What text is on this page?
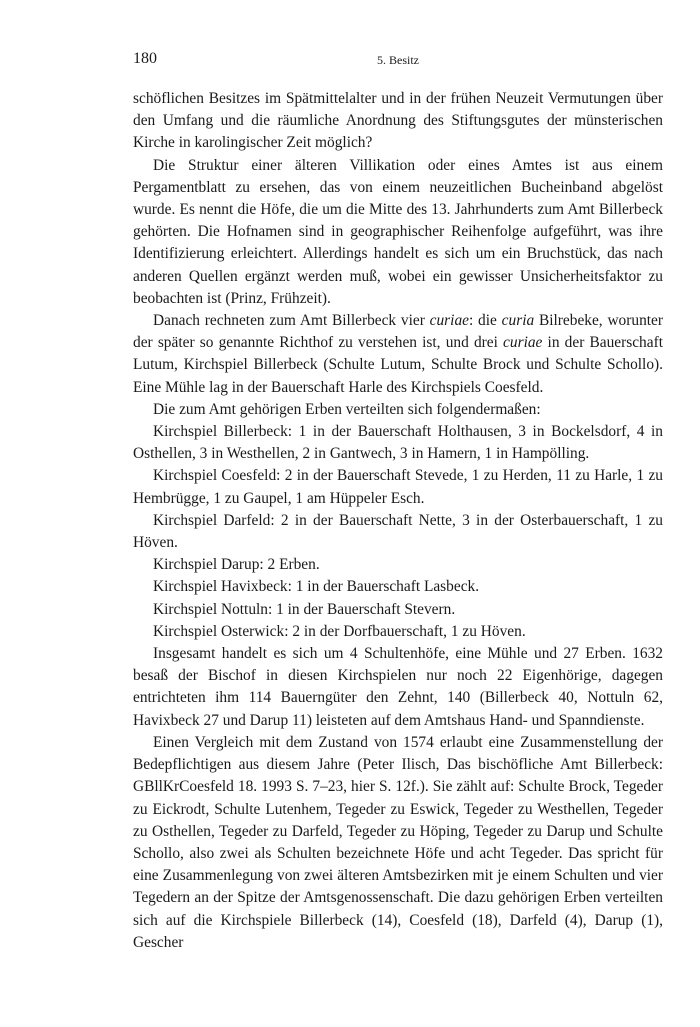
180	5. Besitz

schöflichen Besitzes im Spätmittelalter und in der frühen Neuzeit Vermutungen über den Umfang und die räumliche Anordnung des Stiftungsgutes der münsterischen Kirche in karolingischer Zeit möglich?

Die Struktur einer älteren Villikation oder eines Amtes ist aus einem Pergamentblatt zu ersehen, das von einem neuzeitlichen Bucheinband abgelöst wurde. Es nennt die Höfe, die um die Mitte des 13. Jahrhunderts zum Amt Billerbeck gehörten. Die Hofnamen sind in geographischer Reihenfolge aufgeführt, was ihre Identifizierung erleichtert. Allerdings handelt es sich um ein Bruchstück, das nach anderen Quellen ergänzt werden muß, wobei ein gewisser Unsicherheitsfaktor zu beobachten ist (Prinz, Frühzeit).

Danach rechneten zum Amt Billerbeck vier curiae: die curia Bilrebeke, worunter der später so genannte Richthof zu verstehen ist, und drei curiae in der Bauerschaft Lutum, Kirchspiel Billerbeck (Schulte Lutum, Schulte Brock und Schulte Schollo). Eine Mühle lag in der Bauerschaft Harle des Kirchspiels Coesfeld.

Die zum Amt gehörigen Erben verteilten sich folgendermaßen:

Kirchspiel Billerbeck: 1 in der Bauerschaft Holthausen, 3 in Bockelsdorf, 4 in Osthellen, 3 in Westhellen, 2 in Gantwech, 3 in Hamern, 1 in Hampölling.

Kirchspiel Coesfeld: 2 in der Bauerschaft Stevede, 1 zu Herden, 11 zu Harle, 1 zu Hembrügge, 1 zu Gaupel, 1 am Hüppeler Esch.

Kirchspiel Darfeld: 2 in der Bauerschaft Nette, 3 in der Osterbauerschaft, 1 zu Höven.

Kirchspiel Darup: 2 Erben.

Kirchspiel Havixbeck: 1 in der Bauerschaft Lasbeck.

Kirchspiel Nottuln: 1 in der Bauerschaft Stevern.

Kirchspiel Osterwick: 2 in der Dorfbauerschaft, 1 zu Höven.

Insgesamt handelt es sich um 4 Schultenhöfe, eine Mühle und 27 Erben. 1632 besaß der Bischof in diesen Kirchspielen nur noch 22 Eigenhörige, dagegen entrichteten ihm 114 Bauerngüter den Zehnt, 140 (Billerbeck 40, Nottuln 62, Havixbeck 27 und Darup 11) leisteten auf dem Amtshaus Hand- und Spanndienste.

Einen Vergleich mit dem Zustand von 1574 erlaubt eine Zusammenstellung der Bedepflichtigen aus diesem Jahre (Peter Ilisch, Das bischöfliche Amt Billerbeck: GBllKrCoesfeld 18. 1993 S. 7–23, hier S. 12f.). Sie zählt auf: Schulte Brock, Tegeder zu Eickrodt, Schulte Lutenhem, Tegeder zu Eswick, Tegeder zu Westhellen, Tegeder zu Osthellen, Tegeder zu Darfeld, Tegeder zu Höping, Tegeder zu Darup und Schulte Schollo, also zwei als Schulten bezeichnete Höfe und acht Tegeder. Das spricht für eine Zusammenlegung von zwei älteren Amtsbezirken mit je einem Schulten und vier Tegedern an der Spitze der Amtsgenossenschaft. Die dazu gehörigen Erben verteilten sich auf die Kirchspiele Billerbeck (14), Coesfeld (18), Darfeld (4), Darup (1), Gescher
